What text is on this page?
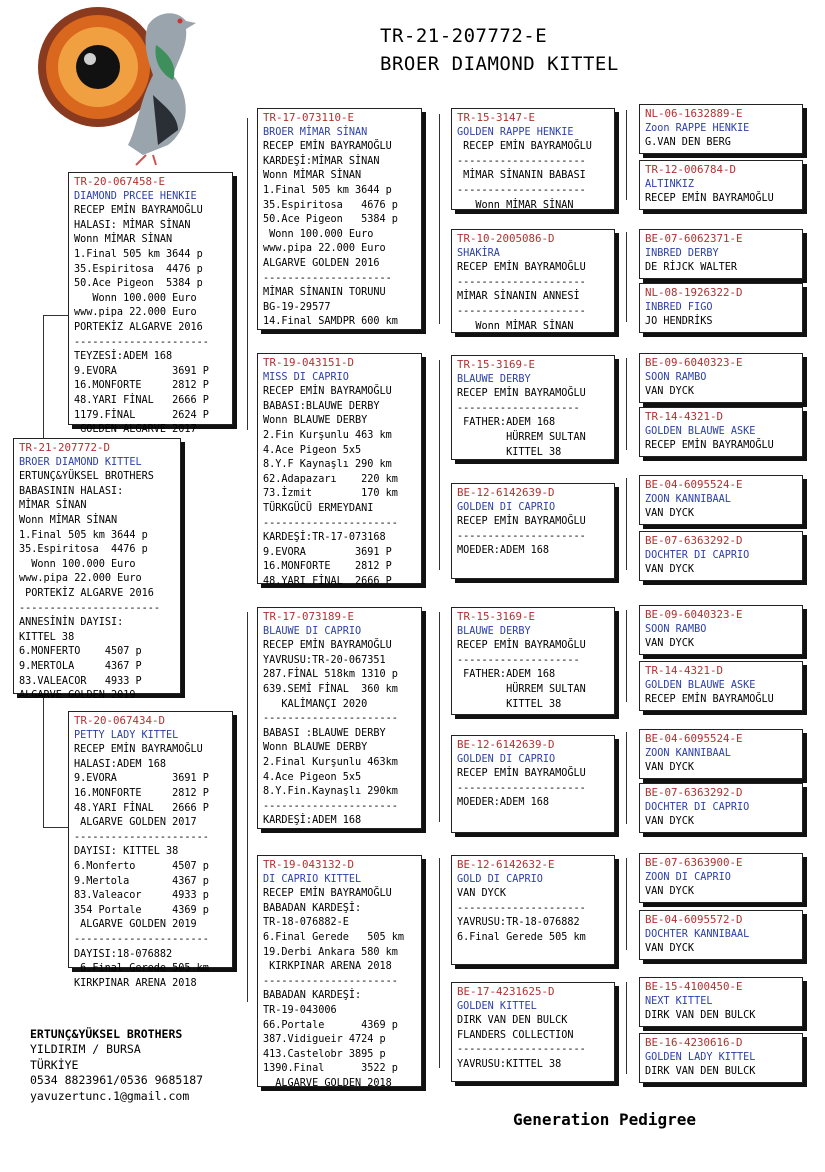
TR-21-207772-E
BROER DIAMOND KITTEL
TR-21-207772-D
BROER DIAMOND KITTEL
ERTUNÇ&YÜKSEL BROTHERS
BABASININ HALASI:
MİMAR SİNAN
Wonn MİMAR SİNAN
1.Final 505 km 3644 p
35.Espiritosa  4476 p
Wonn 100.000 Euro
www.pipa 22.000 Euro
PORTEKİZ ALGARVE 2016
-----------------------
ANNESİNİN DAYISI:
KITTEL 38
6.MONFERTO    4507 p
9.MERTOLA     4367 P
83.VALEACOR   4933 P
ALGARVE GOLDEN 2019
TR-20-067458-E
DIAMOND PRCEE HENKIE
RECEP EMİN BAYRAMOĞLU
HALASI: MİMAR SİNAN
Wonn MİMAR SİNAN
1.Final 505 km 3644 p
35.Espiritosa  4476 p
50.Ace Pigeon  5384 p
Wonn 100.000 Euro
www.pipa 22.000 Euro
PORTEKİZ ALGARVE 2016
----------------------
TEYZESİ:ADEM 168
9.EVORA         3691 P
16.MONFORTE     2812 P
48.YARI FİNAL   2666 P
1179.FİNAL      2624 P
GOLDEN ALGARVE 2017
TR-20-067434-D
PETTY LADY KITTEL
RECEP EMİN BAYRAMOĞLU
HALASI:ADEM 168
9.EVORA         3691 P
16.MONFORTE     2812 P
48.YARI FİNAL   2666 P
ALGARVE GOLDEN 2017
----------------------
DAYISI: KITTEL 38
6.Monferto      4507 p
9.Mertola       4367 p
83.Valeacor     4933 p
354 Portale     4369 p
ALGARVE GOLDEN 2019
----------------------
DAYISI:18-076882
6.Final Gerede 505 km
KIRKPINAR ARENA 2018
TR-17-073110-E
BROER MİMAR SİNAN
RECEP EMİN BAYRAMOĞLU
KARDEŞİ:MİMAR SİNAN
Wonn MİMAR SİNAN
1.Final 505 km 3644 p
35.Espiritosa   4676 p
50.Ace Pigeon   5384 p
Wonn 100.000 Euro
www.pipa 22.000 Euro
ALGARVE GOLDEN 2016
---------------------
MİMAR SİNANIN TORUNU
BG-19-29577
14.Final SAMDPR 600 km
TR-19-043151-D
MISS DI CAPRIO
RECEP EMİN BAYRAMOĞLU
BABASI:BLAUWE DERBY
Wonn BLAUWE DERBY
2.Fin Kurşunlu 463 km
4.Ace Pigeon 5x5
8.Y.F Kaynaşlı 290 km
62.Adapazarı    220 km
73.İzmit        170 km
TÜRKGÜCÜ ERMEYDANI
----------------------
KARDEŞİ:TR-17-073168
9.EVORA        3691 P
16.MONFORTE    2812 P
48.YARI FİNAL  2666 P
TR-17-073189-E
BLAUWE DI CAPRIO
RECEP EMİN BAYRAMOĞLU
YAVRUSU:TR-20-067351
287.FİNAL 518km 1310 p
639.SEMİ FİNAL  360 km
KALİMANÇI 2020
----------------------
BABASI :BLAUWE DERBY
Wonn BLAUWE DERBY
2.Final Kurşunlu 463km
4.Ace Pigeon 5x5
8.Y.Fin.Kaynaşlı 290km
----------------------
KARDEŞİ:ADEM 168
TR-19-043132-D
DI CAPRIO KITTEL
RECEP EMİN BAYRAMOĞLU
BABADAN KARDEŞİ:
TR-18-076882-E
6.Final Gerede   505 km
19.Derbi Ankara 580 km
KIRKPINAR ARENA 2018
----------------------
BABADAN KARDEŞİ:
TR-19-043006
66.Portale      4369 p
387.Vidigueir 4724 p
413.Castelobr 3895 p
1390.Final      3522 p
ALGARVE GOLDEN 2018
TR-15-3147-E
GOLDEN RAPPE HENKIE
RECEP EMİN BAYRAMOĞLU
---------------------
MİMAR SİNANIN BABASI
---------------------
Wonn MİMAR SİNAN
TR-10-2005086-D
SHAKİRA
RECEP EMİN BAYRAMOĞLU
---------------------
MİMAR SİNANIN ANNESİ
---------------------
Wonn MİMAR SİNAN
TR-15-3169-E
BLAUWE DERBY
RECEP EMİN BAYRAMOĞLU
--------------------
FATHER:ADEM 168
HÜRREM SULTAN
KITTEL 38
BE-12-6142639-D
GOLDEN DI CAPRIO
RECEP EMİN BAYRAMOĞLU
---------------------
MOEDER:ADEM 168
TR-15-3169-E
BLAUWE DERBY
RECEP EMİN BAYRAMOĞLU
--------------------
FATHER:ADEM 168
HÜRREM SULTAN
KITTEL 38
BE-12-6142639-D
GOLDEN DI CAPRIO
RECEP EMİN BAYRAMOĞLU
---------------------
MOEDER:ADEM 168
BE-12-6142632-E
GOLD DI CAPRIO
VAN DYCK
---------------------
YAVRUSU:TR-18-076882
6.Final Gerede 505 km
BE-17-4231625-D
GOLDEN KITTEL
DIRK VAN DEN BULCK
FLANDERS COLLECTION
---------------------
YAVRUSU:KITTEL 38
NL-06-1632889-E
Zoon RAPPE HENKIE
G.VAN DEN BERG
TR-12-006784-D
ALTINKIZ
RECEP EMİN BAYRAMOĞLU
BE-07-6062371-E
INBRED DERBY
DE RİJCK WALTER
NL-08-1926322-D
INBRED FIGO
JO HENDRİKS
BE-09-6040323-E
SOON RAMBO
VAN DYCK
TR-14-4321-D
GOLDEN BLAUWE ASKE
RECEP EMİN BAYRAMOĞLU
BE-04-6095524-E
ZOON KANNIBAAL
VAN DYCK
BE-07-6363292-D
DOCHTER DI CAPRIO
VAN DYCK
BE-09-6040323-E
SOON RAMBO
VAN DYCK
TR-14-4321-D
GOLDEN BLAUWE ASKE
RECEP EMİN BAYRAMOĞLU
BE-04-6095524-E
ZOON KANNIBAAL
VAN DYCK
BE-07-6363292-D
DOCHTER DI CAPRIO
VAN DYCK
BE-07-6363900-E
ZOON DI CAPRIO
VAN DYCK
BE-04-6095572-D
DOCHTER KANNIBAAL
VAN DYCK
BE-15-4100450-E
NEXT KITTEL
DIRK VAN DEN BULCK
BE-16-4230616-D
GOLDEN LADY KITTEL
DIRK VAN DEN BULCK
ERTUNÇ&YÜKSEL BROTHERS
YILDIRIM / BURSA
TÜRKİYE
0534 8823961/0536 9685187
yavuzertunc.1@gmail.com
Generation Pedigree
